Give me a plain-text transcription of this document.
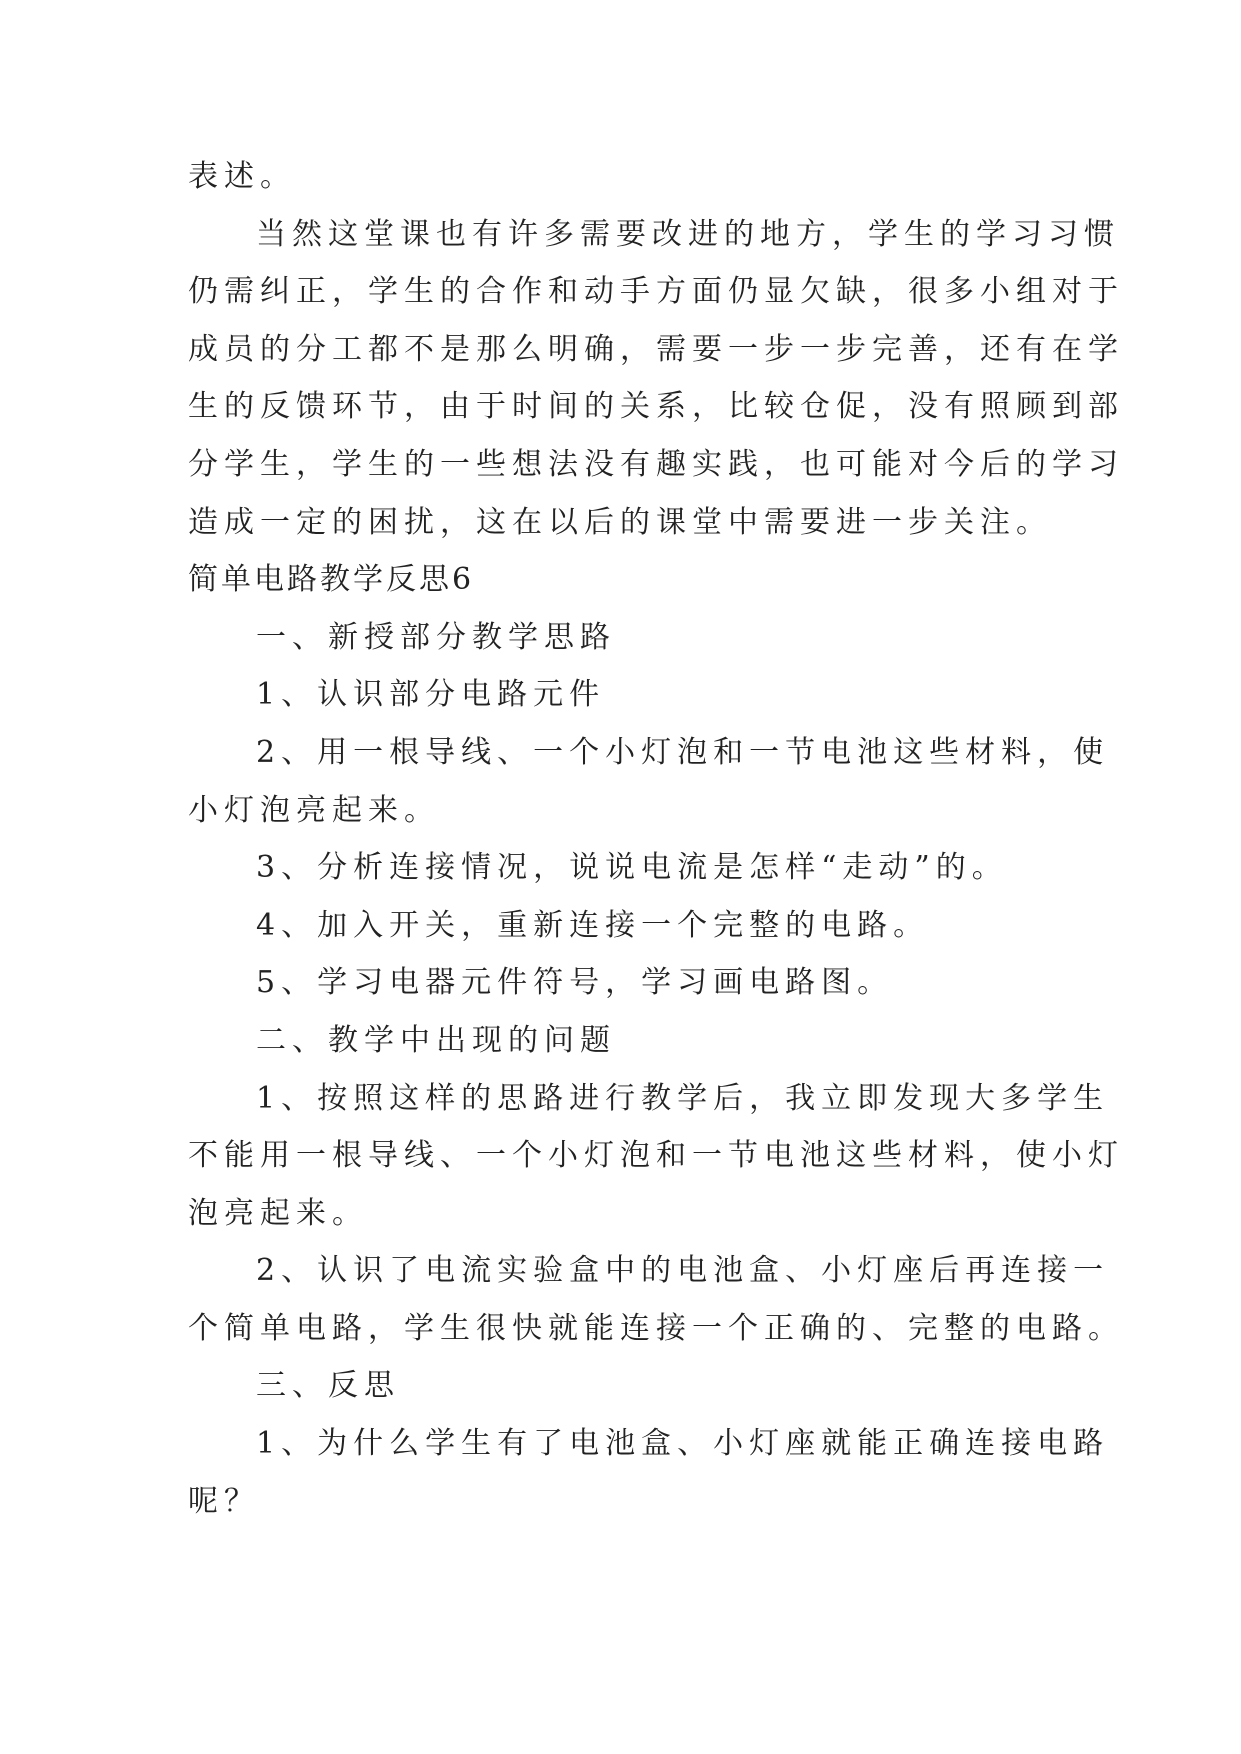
表述。

当然这堂课也有许多需要改进的地方，学生的学习习惯

仍需纠正，学生的合作和动手方面仍显欠缺，很多小组对于

成员的分工都不是那么明确，需要一步一步完善，还有在学

生的反馈环节，由于时间的关系，比较仓促，没有照顾到部

分学生，学生的一些想法没有趣实践，也可能对今后的学习

造成一定的困扰，这在以后的课堂中需要进一步关注。

简单电路教学反思6

一、新授部分教学思路

1、认识部分电路元件

2、用一根导线、一个小灯泡和一节电池这些材料，使

小灯泡亮起来。

3、分析连接情况，说说电流是怎样“走动”的。

4、加入开关，重新连接一个完整的电路。

5、学习电器元件符号，学习画电路图。

二、教学中出现的问题

1、按照这样的思路进行教学后，我立即发现大多学生

不能用一根导线、一个小灯泡和一节电池这些材料，使小灯

泡亮起来。

2、认识了电流实验盒中的电池盒、小灯座后再连接一

个简单电路，学生很快就能连接一个正确的、完整的电路。

三、反思

1、为什么学生有了电池盒、小灯座就能正确连接电路

呢？
